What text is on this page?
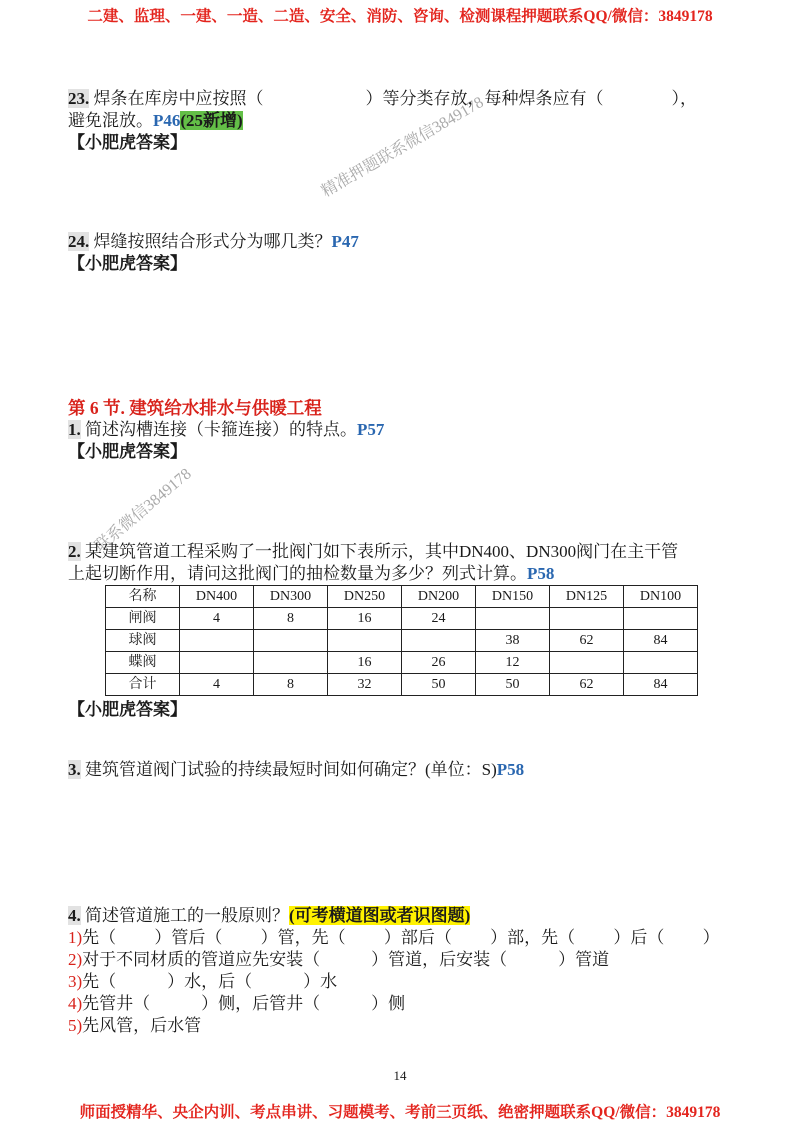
二建、监理、一建、一造、二造、安全、消防、咨询、检测课程押题联系QQ/微信：3849178
精准押题联系微信3849178
联系微信3849178
23. 焊条在库房中应按照（　　　　　　）等分类存放，每种焊条应有（　　　　），
避免混放。P46(25新增)
【小肥虎答案】
24. 焊缝按照结合形式分为哪几类？P47
【小肥虎答案】
第 6 节. 建筑给水排水与供暖工程
1. 简述沟槽连接（卡箍连接）的特点。P57
【小肥虎答案】
2. 某建筑管道工程采购了一批阀门如下表所示，其中DN400、DN300阀门在主干管
上起切断作用，请问这批阀门的抽检数量为多少？列式计算。P58
名称	DN400	DN300	DN250	DN200	DN150	DN125	DN100
闸阀	4	8	16	24			
球阀					38	62	84
蝶阀			16	26	12		
合计	4	8	32	50	50	62	84
【小肥虎答案】
3. 建筑管道阀门试验的持续最短时间如何确定？(单位：S)P58
4. 简述管道施工的一般原则？(可考横道图或者识图题)
1)先（　　 ）管后（　　 ）管，先（　　 ）部后（　　 ）部，先（　　 ）后（　　 ）
2)对于不同材质的管道应先安装（　　　）管道，后安装（　　　）管道
3)先（　　　）水，后（　　　）水
4)先管井（　　　）侧，后管井（　　　）侧
5)先风管，后水管
14
师面授精华、央企内训、考点串讲、习题模考、考前三页纸、绝密押题联系QQ/微信：3849178
